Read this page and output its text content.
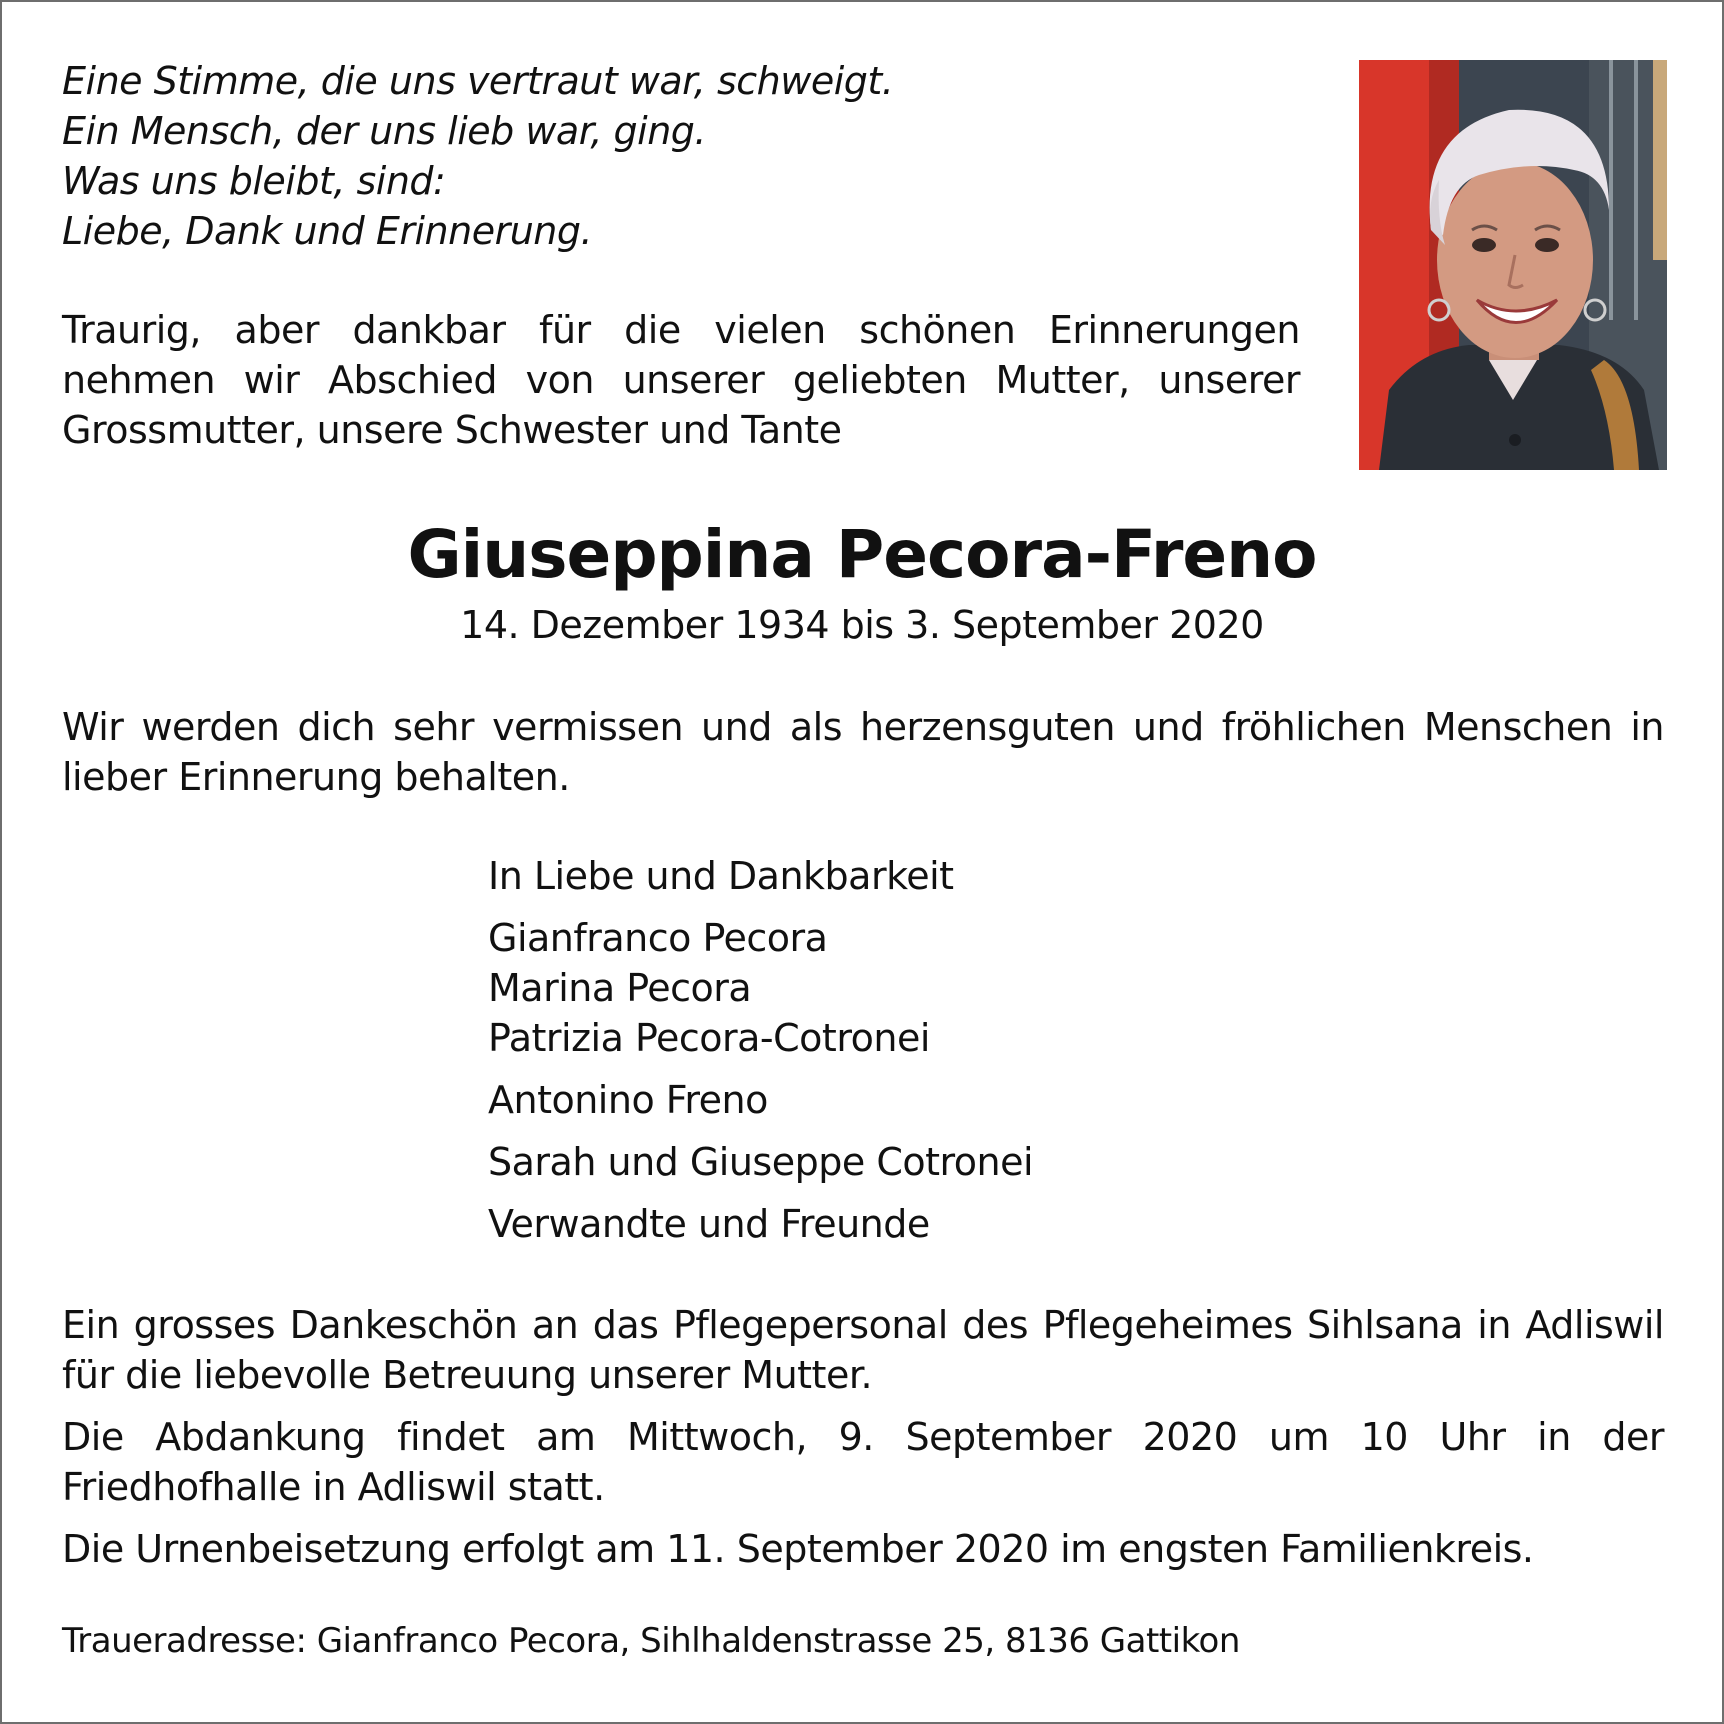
Eine Stimme, die uns vertraut war, schweigt.
Ein Mensch, der uns lieb war, ging.
Was uns bleibt, sind:
Liebe, Dank und Erinnerung.
Traurig, aber dankbar für die vielen schönen Erinnerungen nehmen wir Abschied von unserer geliebten Mutter, unserer Grossmutter, unsere Schwester und Tante
Giuseppina Pecora-Freno
14. Dezember 1934 bis 3. September 2020
Wir werden dich sehr vermissen und als herzensguten und fröhlichen Menschen in lieber Erinnerung behalten.
In Liebe und Dankbarkeit
Gianfranco Pecora
Marina Pecora
Patrizia Pecora-Cotronei
Antonino Freno
Sarah und Giuseppe Cotronei
Verwandte und Freunde

Ein grosses Dankeschön an das Pflegepersonal des Pflegeheimes Sihlsana in Adliswil für die liebevolle Betreuung unserer Mutter.

Die Abdankung findet am Mittwoch, 9. September 2020 um 10 Uhr in der Friedhofhalle in Adliswil statt.

Die Urnenbeisetzung erfolgt am 11. September 2020 im engsten Familienkreis.

Traueradresse: Gianfranco Pecora, Sihlhaldenstrasse 25, 8136 Gattikon
